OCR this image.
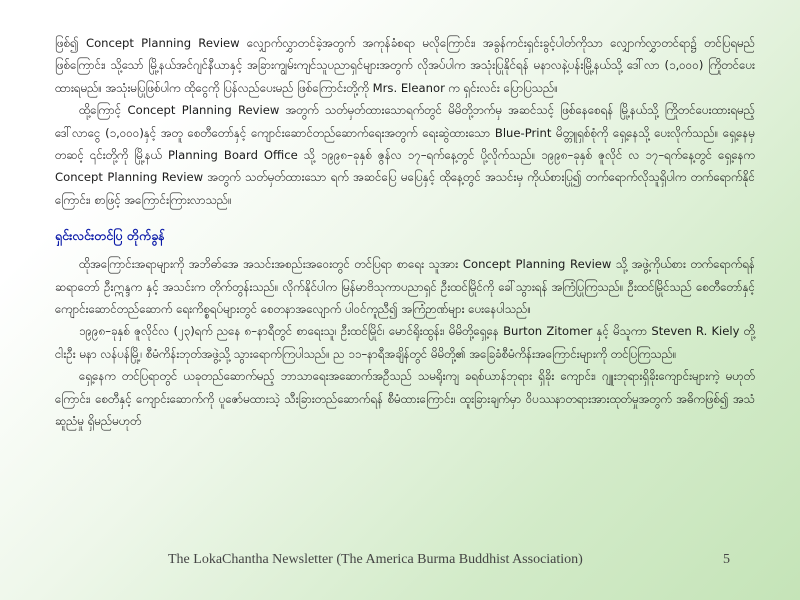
ဖြစ်၍ Concept Planning Review လျှောက်လွှာတင်ခဲ့အတွက် အကုန်ခံစရာ မလိုကြောင်း၊ အခွန်ကင်းရှင်းခွင့်ပါတ်ကိုသာ လျှောက်လွှာတင်ရာ၌ တင်ပြရမည်ဖြစ်ကြောင်း၊ သို့သော် မြို့နယ်အင်ဂျင်နီယာနှင့် အခြားကျွမ်းကျင်သူပညာရှင်များအတွက် လိုအပ်ပါက အသုံးပြုနိုင်ရန် မနာလနဲ့ပန်းမြို့နယ်သို့ ဒေါ်လာ (၁,၀၀၀) ကြိုတင်ပေးထားရမည်။ အသုံးမပြုဖြစ်ပါက ထိုငွေကို ပြန်လည်ပေးမည် ဖြစ်ကြောင်းတို့ကို Mrs. Eleanor က ရှင်းလင်း ပြောပြသည်။

ထို့ကြောင့် Concept Planning Review အတွက် သတ်မှတ်ထားသောရက်တွင် မိမိတို့ဘက်မှ အဆင်သင့် ဖြစ်နေစေရန် မြို့နယ်သို့ ကြိုတင်ပေးထားရမည့် ဒေါ်လာငွေ (၁,၀၀၀)နှင့် အတူ စေတီတော်နှင့် ကျောင်းဆောင်တည်ဆောက်ရေးအတွက် ရေးဆွဲထားသော Blue-Print မိတ္တူရှစ်စုံကို ရှေ့နေသို့ ပေးလိုက်သည်။ ရှေ့နေမှတဆင့် ၎င်းတို့ကို မြို့နယ် Planning Board Office သို့ ၁၉၉၈–ခုနှစ် ဇွန်လ ၁၇–ရက်နေ့တွင် ပို့လိုက်သည်။ ၁၉၉၈–ခုနှစ် ဇူလိုင် လ ၁၇–ရက်နေ့တွင် ရှေ့နေက Concept Planning Review အတွက် သတ်မှတ်ထားသော ရက် အဆင်ပြေ မပြေနှင့် ထိုနေ့တွင် အသင်းမှ ကိုယ်စားပြု၍ တက်ရောက်လိုသူရှိပါက တက်ရောက်နိုင်ကြောင်း၊ စာဖြင့် အကြောင်းကြားလာသည်။

ရှင်းလင်းတင်ပြ တိုက်ခွန်

ထိုအကြောင်းအရာများကို အဘိဓာ်အေ အသင်းအစည်းအဝေးတွင် တင်ပြရာ စာရေး သူအား Concept Planning Review သို့ အဖွဲ့ကိုယ်စား တက်ရောက်ရန် ဆရာတော် ဦးဣန္ဒက နှင့် အသင်းက တိုက်တွန်းသည်။ လိုက်နိုင်ပါက မြန်မာဗိသုကာပညာရှင် ဦးထင်မြိုင်ကို ခေါ်သွားရန် အကြံပြုကြသည်။ ဦးထင်မြိုင်သည် စေတီတော်နှင့် ကျောင်းဆောင်တည်ဆောက် ရေးကိစ္စရပ်များတွင် စေတနာအလျောက် ပါဝင်ကူညီ၍ အကြံဉာဏ်များ ပေးနေပါသည်။

၁၉၉၈–ခုနှစ် ဇူလိုင်လ (၂၃)ရက် ညနေ ၈–နာရီတွင် စာရေးသူ၊ ဦးထင်မြိုင်၊ မောင်ရိုးထွန်း၊ မိမိတို့ရှေ့နေ Burton Zitomer နှင့် မိသူကာ Steven R. Kiely တို့ ငါးဦး မနာ လန်ပန်မြို့၊ စီမံကိန်းဘုတ်အဖွဲ့သို့ သွားရောက်ကြပါသည်။ ည ၁၁–နာရီအချိန်တွင် မိမိတို့၏ အခြေခံစီမံကိန်းအကြောင်းများကို တင်ပြကြသည်။

ရှေ့နေက တင်ပြရာတွင် ယခုတည်ဆောက်မည့် ဘာသာရေးအဆောက်အဦသည် သမရိုးကျ ခရစ်ယာန်ဘုရား ရှိခိုး ကျောင်း၊ ဂျူးဘုရားရှိခိုးကျောင်းများကဲ့ မဟုတ်ကြောင်း၊ စေတီနှင့် ကျောင်းဆောက်ကို ပူဇော်မထားသဲ့ သီးခြားတည်ဆောက်ရန် စီမံထားကြောင်း၊ ထူးခြားချက်မှာ ဝိပဿနာတရားအားထုတ်မှုအတွက် အဓိကဖြစ်၍ အသံဆူညံမှု ရှိမည်မဟုတ်

The LokaChantha Newsletter (The America Burma Buddhist Association)	5
